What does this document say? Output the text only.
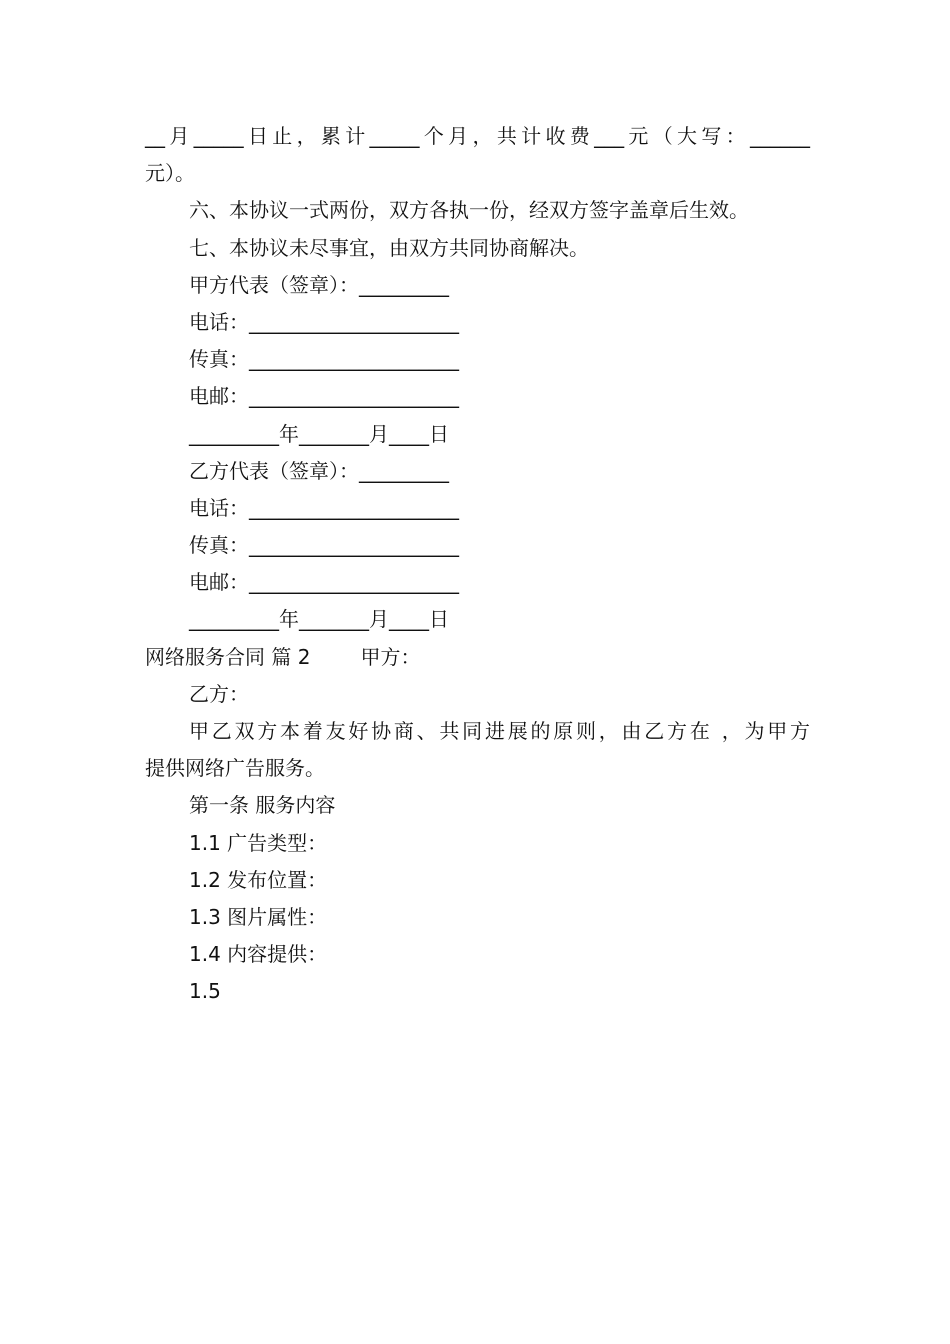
__月_____日止，累计_____个月，共计收费___元（大写：______
元）。
六、本协议一式两份，双方各执一份，经双方签字盖章后生效。
七、本协议未尽事宜，由双方共同协商解决。
甲方代表（签章）：_________
电话：_____________________
传真：_____________________
电邮：_____________________
_________年_______月____日
乙方代表（签章）：_________
电话：_____________________
传真：_____________________
电邮：_____________________
_________年_______月____日
网络服务合同 篇 2	甲方：
乙方：
甲乙双方本着友好协商、共同进展的原则，由乙方在 ，为甲方
提供网络广告服务。
第一条 服务内容
1.1 广告类型：
1.2 发布位置：
1.3 图片属性：
1.4 内容提供：
1.5
